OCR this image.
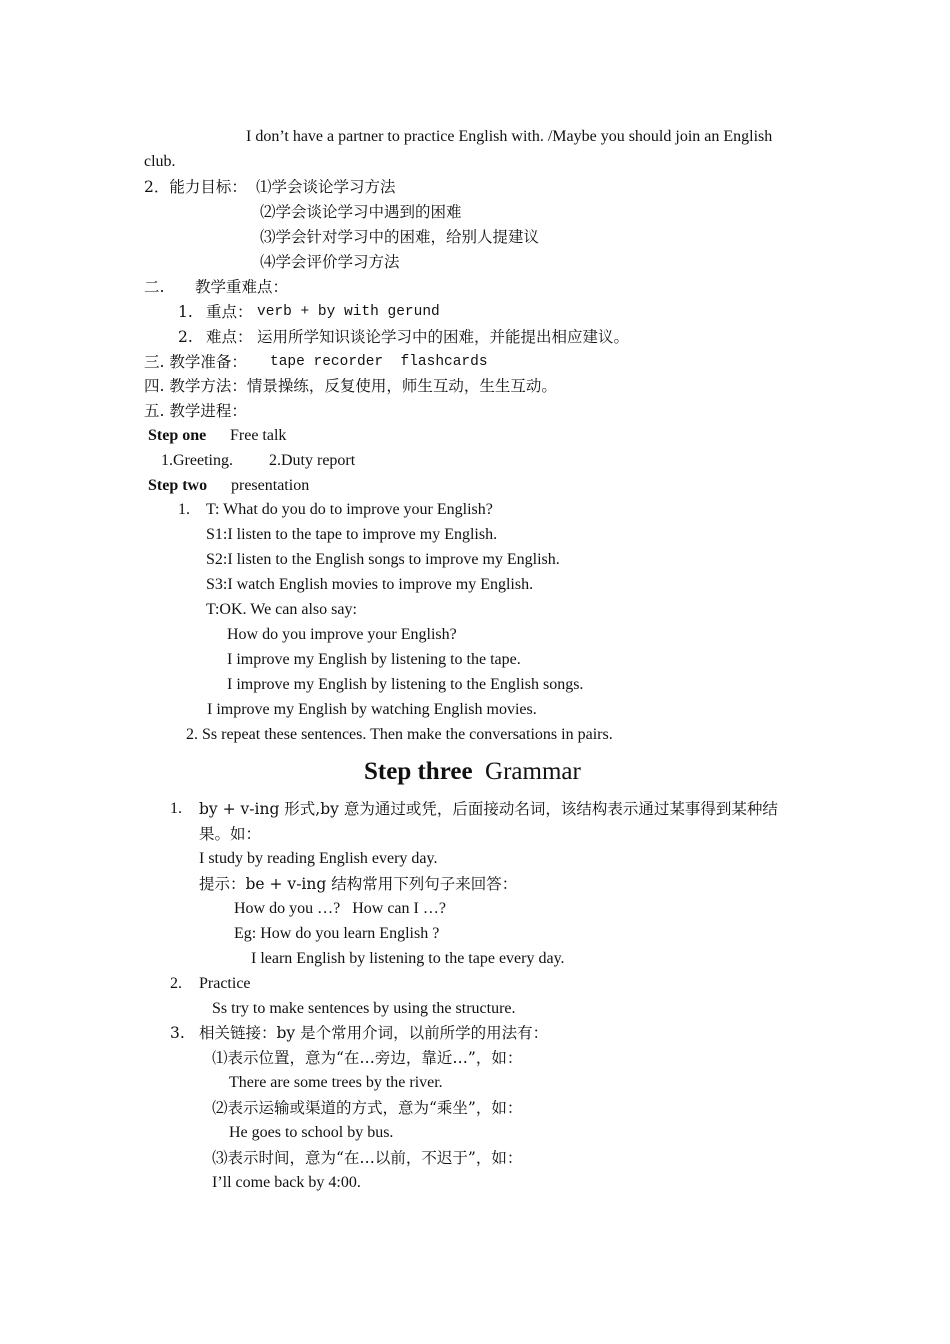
I don’t have a partner to practice English with. /Maybe you should join an English
club.
2．能力目标： ⑴学会谈论学习方法
⑵学会谈论学习中遇到的困难
⑶学会针对学习中的困难，给别人提建议
⑷学会评价学习方法
二. 教学重难点：
1. 重点： verb + by with gerund
2. 难点： 运用所学知识谈论学习中的困难，并能提出相应建议。
三. 教学准备： tape recorder  flashcards
四. 教学方法：情景操练，反复使用，师生互动，生生互动。
五. 教学进程：
Step one Free talk
1.Greeting. 2.Duty report
Step two presentation
1. T: What do you do to improve your English?
S1:I listen to the tape to improve my English.
S2:I listen to the English songs to improve my English.
S3:I watch English movies to improve my English.
T:OK. We can also say:
How do you improve your English?
I improve my English by listening to the tape.
I improve my English by listening to the English songs.
I improve my English by watching English movies.
2. Ss repeat these sentences. Then make the conversations in pairs.
Step three Grammar
1. by + v-ing 形式,by 意为通过或凭，后面接动名词，该结构表示通过某事得到某种结
果。如：
I study by reading English every day.
提示：be + v-ing 结构常用下列句子来回答：
How do you …?   How can I …?
Eg: How do you learn English ?
I learn English by listening to the tape every day.
2. Practice
Ss try to make sentences by using the structure.
3. 相关链接：by 是个常用介词，以前所学的用法有：
⑴表示位置，意为“在…旁边，靠近…”，如：
There are some trees by the river.
⑵表示运输或渠道的方式，意为“乘坐”，如：
He goes to school by bus.
⑶表示时间，意为“在…以前，不迟于”，如：
I’ll come back by 4:00.
